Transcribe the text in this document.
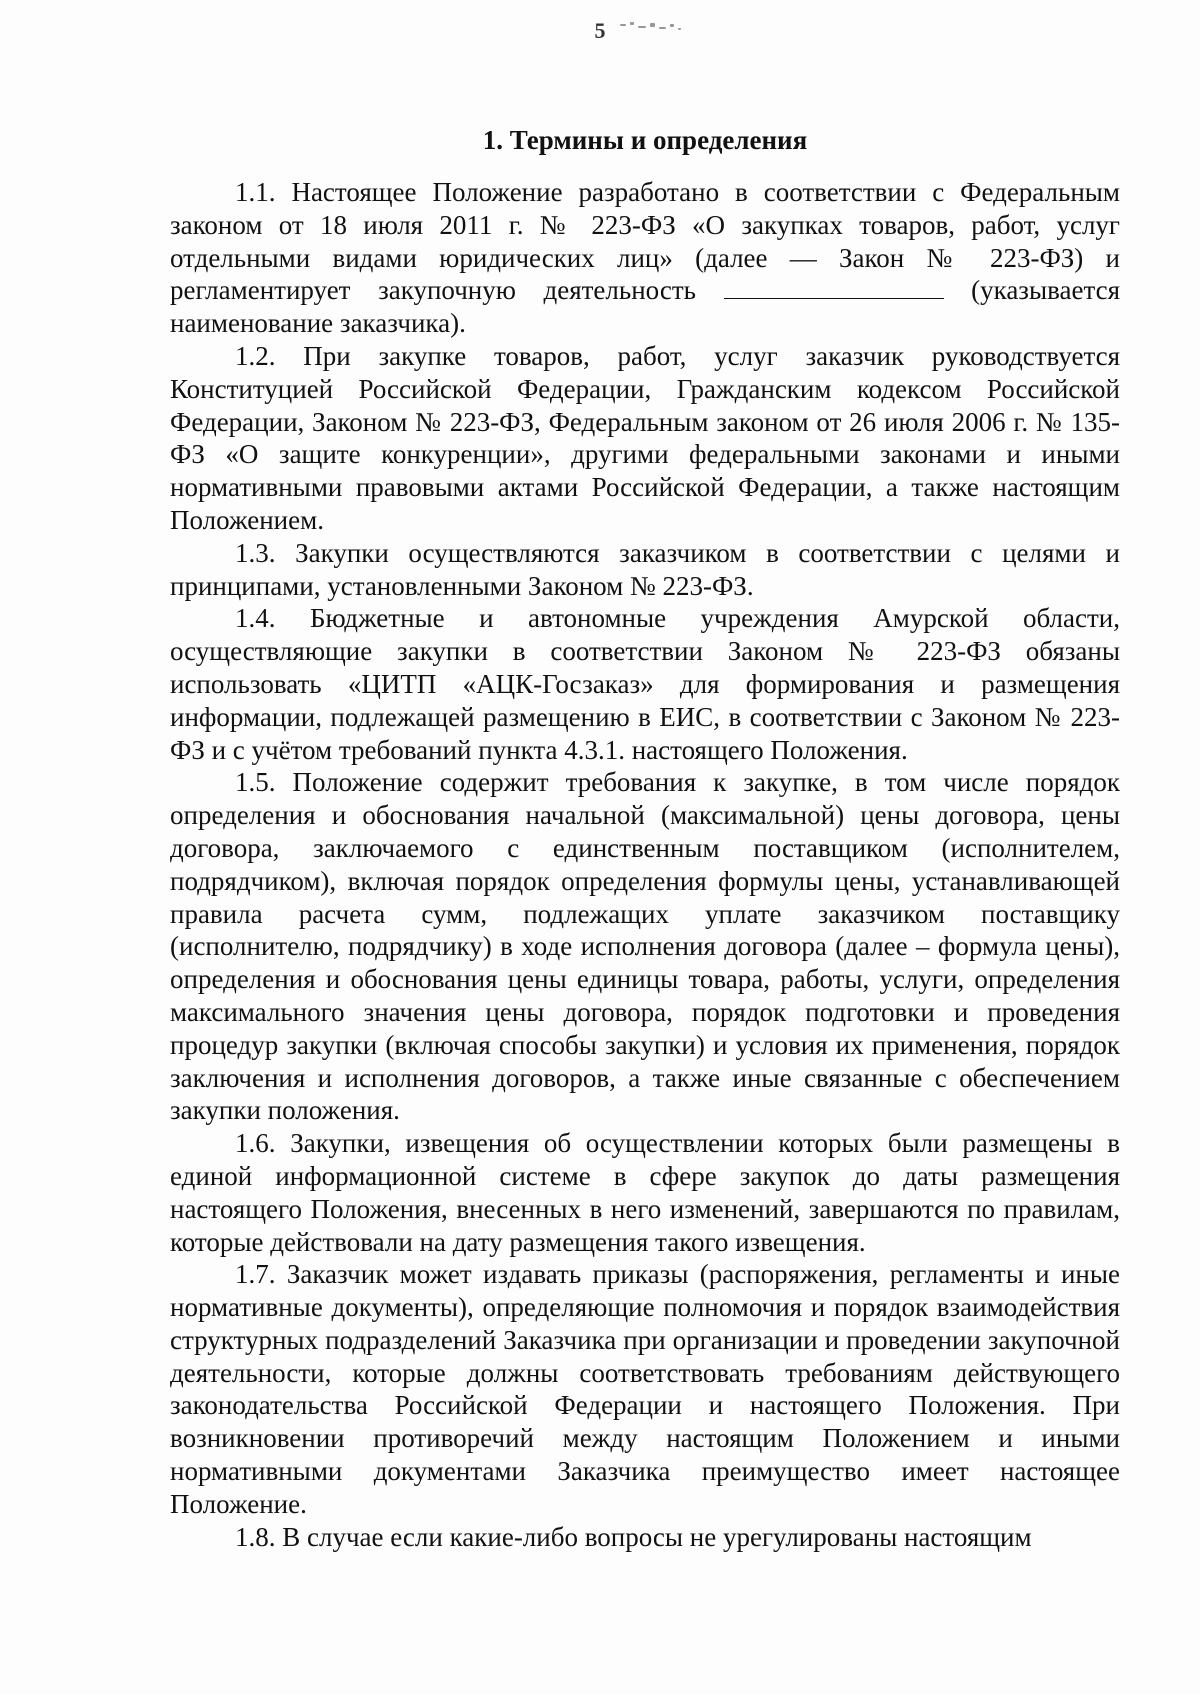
5
1. Термины и определения

1.1. Настоящее Положение разработано в соответствии с Федеральным законом от 18 июля 2011 г. № 223-ФЗ «О закупках товаров, работ, услуг отдельными видами юридических лиц» (далее — Закон № 223-ФЗ) и регламентирует закупочную деятельность	(указывается наименование заказчика).

1.2. При закупке товаров, работ, услуг заказчик руководствуется Конституцией Российской Федерации, Гражданским кодексом Российской Федерации, Законом № 223-ФЗ, Федеральным законом от 26 июля 2006 г. № 135-ФЗ «О защите конкуренции», другими федеральными законами и иными нормативными правовыми актами Российской Федерации, а также настоящим Положением.

1.3. Закупки осуществляются заказчиком в соответствии с целями и принципами, установленными Законом № 223-ФЗ.

1.4. Бюджетные и автономные учреждения Амурской области, осуществляющие закупки в соответствии Законом № 223-ФЗ обязаны использовать «ЦИТП «АЦК-Госзаказ» для формирования и размещения информации, подлежащей размещению в ЕИС, в соответствии с Законом № 223-ФЗ и с учётом требований пункта 4.3.1. настоящего Положения.

1.5. Положение содержит требования к закупке, в том числе порядок определения и обоснования начальной (максимальной) цены договора, цены договора, заключаемого с единственным поставщиком (исполнителем, подрядчиком), включая порядок определения формулы цены, устанавливающей правила расчета сумм, подлежащих уплате заказчиком поставщику (исполнителю, подрядчику) в ходе исполнения договора (далее – формула цены), определения и обоснования цены единицы товара, работы, услуги, определения максимального значения цены договора, порядок подготовки и проведения процедур закупки (включая способы закупки) и условия их применения, порядок заключения и исполнения договоров, а также иные связанные с обеспечением закупки положения.

1.6. Закупки, извещения об осуществлении которых были размещены в единой информационной системе в сфере закупок до даты размещения настоящего Положения, внесенных в него изменений, завершаются по правилам, которые действовали на дату размещения такого извещения.

1.7. Заказчик может издавать приказы (распоряжения, регламенты и иные нормативные документы), определяющие полномочия и порядок взаимодействия структурных подразделений Заказчика при организации и проведении закупочной деятельности, которые должны соответствовать требованиям действующего законодательства Российской Федерации и настоящего Положения. При возникновении противоречий между настоящим Положением и иными нормативными документами Заказчика преимущество имеет настоящее Положение.

1.8. В случае если какие-либо вопросы не урегулированы настоящим
